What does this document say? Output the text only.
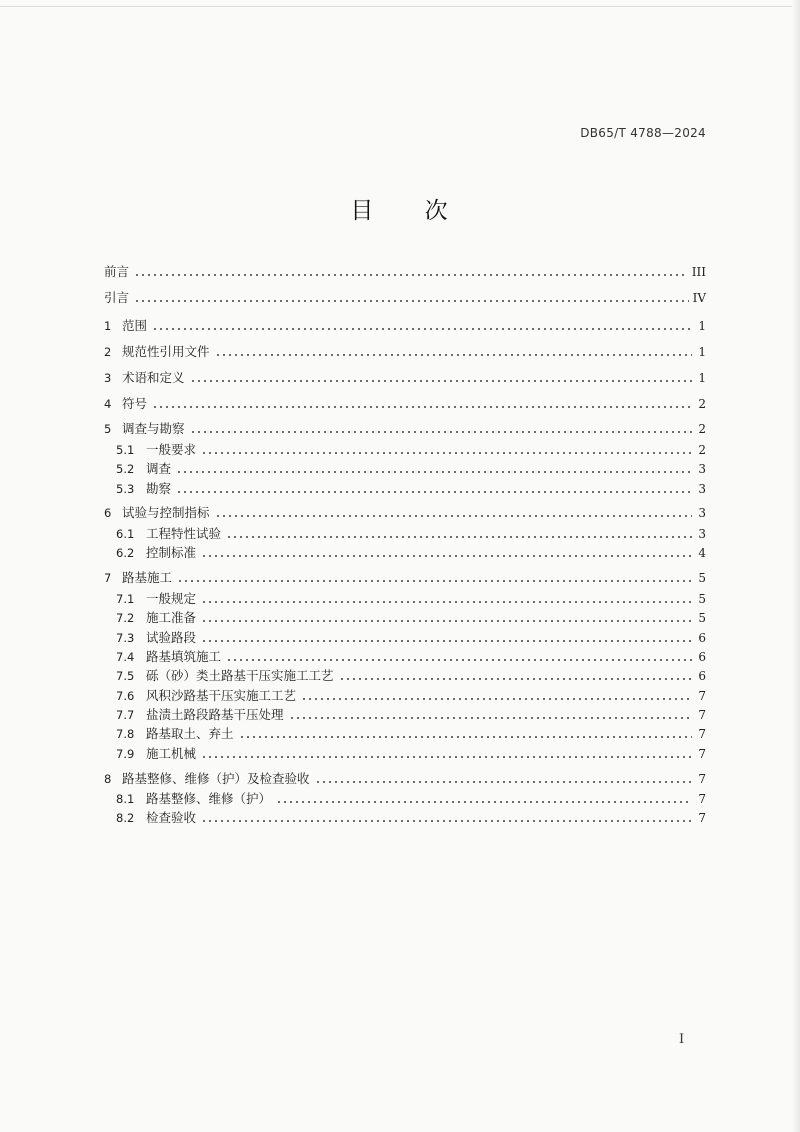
DB65/T 4788—2024
目 次
前言	III
引言	IV
1 范围	1
2 规范性引用文件	1
3 术语和定义	1
4 符号	2
5 调查与勘察	2
5.1 一般要求	2
5.2 调查	3
5.3 勘察	3
6 试验与控制指标	3
6.1 工程特性试验	3
6.2 控制标准	4
7 路基施工	5
7.1 一般规定	5
7.2 施工准备	5
7.3 试验路段	6
7.4 路基填筑施工	6
7.5 砾（砂）类土路基干压实施工工艺	6
7.6 风积沙路基干压实施工工艺	7
7.7 盐渍土路段路基干压处理	7
7.8 路基取土、弃土	7
7.9 施工机械	7
8 路基整修、维修（护）及检查验收	7
8.1 路基整修、维修（护）	7
8.2 检查验收	7
I
